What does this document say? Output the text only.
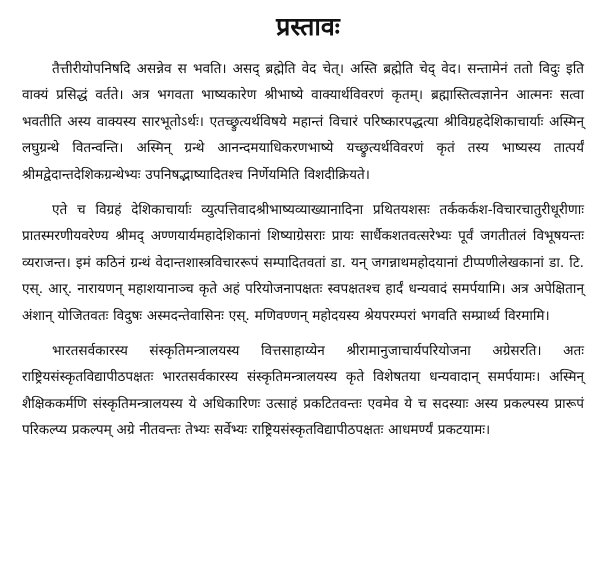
प्रस्तावः

तैत्तीरीयोपनिषदि असन्नेव स भवति। असद् ब्रह्मेति वेद चेत्। अस्ति ब्रह्मेति चेद् वेद। सन्तामेनं ततो विदुः इति वाक्यं प्रसिद्धं वर्तते। अत्र भगवता भाष्यकारेण श्रीभाष्ये वाक्यार्थविवरणं कृतम्। ब्रह्मास्तित्वज्ञानेन आत्मनः सत्वा भवतीति अस्य वाक्यस्य सारभूतोऽर्थः। एतच्छ्रुत्यर्थविषये महान्तं विचारं परिष्कारपद्धत्या श्रीविग्रहदेशिकाचार्याः अस्मिन् लघुग्रन्थे वितन्वन्ति। अस्मिन् ग्रन्थे आनन्दमयाधिकरणभाष्ये यच्छ्रुत्यर्थविवरणं कृतं तस्य भाष्यस्य तात्पर्यं श्रीमद्वेदान्तदेशिकग्रन्थेभ्यः उपनिषद्भाष्यादितश्च निर्णेयमिति विशदीक्रियते।

एते च विग्रहं देशिकाचार्याः व्युत्पत्तिवादश्रीभाष्यव्याख्यानादिना प्रथितयशसः तर्ककर्कश-विचारचातुरीधूरीणाः प्रातस्मरणीयवरेण्य श्रीमद् अण्णयार्यमहादेशिकानां शिष्याग्रेसराः प्रायः सार्धैकशतवत्सरेभ्यः पूर्वं जगतीतलं विभूषयन्तः व्यराजन्त। इमं कठिनं ग्रन्थं वेदान्तशास्त्रविचाररूपं सम्पादितवतां डा. यन् जगन्नाथमहोदयानां टीप्पणीलेखकानां डा. टि. एस्. आर्. नारायणन् महाशयानाञ्च कृते अहं परियोजनापक्षतः स्वपक्षतश्च हार्दं धन्यवादं समर्पयामि। अत्र अपेक्षितान् अंशान् योजितवतः विदुषः अस्मदन्तेवासिनः एस्. मणिवण्णन् महोदयस्य श्रेयपरम्परां भगवति सम्प्रार्थ्य विरमामि।

भारतसर्वकारस्य संस्कृतिमन्त्रालयस्य वित्तसाहाय्येन श्रीरामानुजाचार्यपरियोजना अग्रेसरति। अतः राष्ट्रियसंस्कृतविद्यापीठपक्षतः भारतसर्वकारस्य संस्कृतिमन्त्रालयस्य कृते विशेषतया धन्यवादान् समर्पयामः। अस्मिन् शैक्षिककर्मणि संस्कृतिमन्त्रालयस्य ये अधिकारिणः उत्साहं प्रकटितवन्तः एवमेव ये च सदस्याः अस्य प्रकल्पस्य प्रारूपं परिकल्प्य प्रकल्पम् अग्रे नीतवन्तः तेभ्यः सर्वेभ्यः राष्ट्रियसंस्कृतविद्यापीठपक्षतः आधमर्ण्यं प्रकटयामः।
